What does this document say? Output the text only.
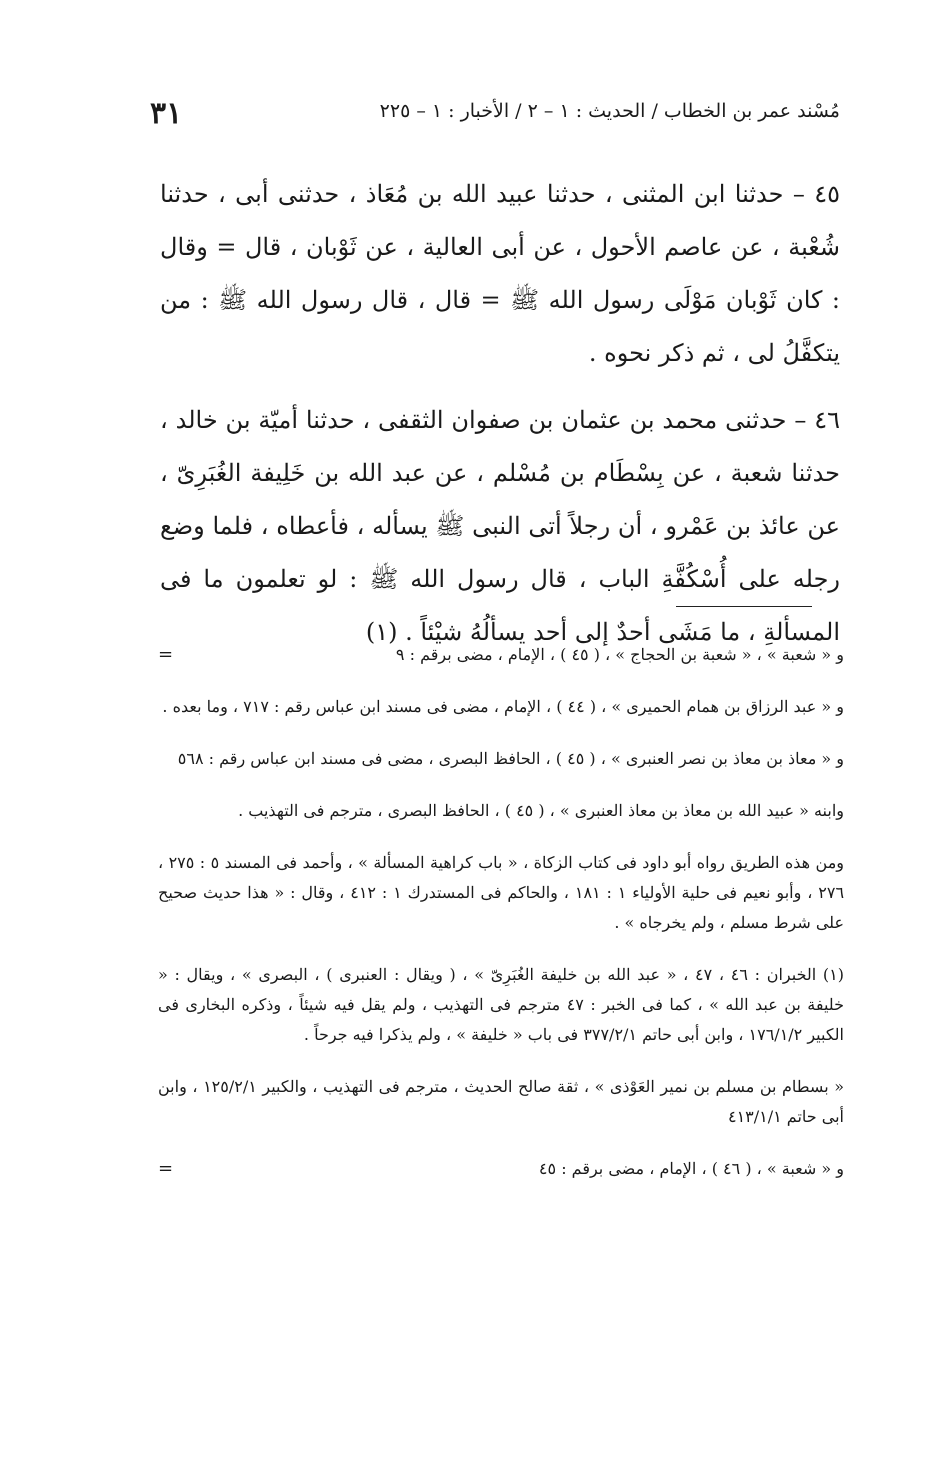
مُسْند عمر بن الخطاب / الحديث : ١ – ٢ / الأخبار : ١ – ٢٢٥
٣١

٤٥ – حدثنا ابن المثنى ، حدثنا عبيد الله بن مُعَاذ ، حدثنى أبى ، حدثنا شُعْبة ، عن عاصم الأحول ، عن أبى العالية ، عن ثَوْبان ، قال = وقال : كان ثَوْبان مَوْلَى رسول الله ﷺ = قال ، قال رسول الله ﷺ : من يتكفَّلُ لى ، ثم ذكر نحوه .

٤٦ – حدثنى محمد بن عثمان بن صفوان الثقفى ، حدثنا أميّة بن خالد ، حدثنا شعبة ، عن بِسْطَام بن مُسْلم ، عن عبد الله بن خَلِيفة الغُبَرِىّ ، عن عائذ بن عَمْرو ، أن رجلاً أتى النبى ﷺ يسأله ، فأعطاه ، فلما وضع رجله على أُسْكُفَّةِ الباب ، قال رسول الله ﷺ : لو تعلمون ما فى المسألةِ ، ما مَشَى أحدٌ إلى أحد يسألُهُ شيْئاً . (١)

=	و « شعبة » ، « شعبة بن الحجاج » ، ( ٤٥ ) ، الإمام ، مضى برقم : ٩
و « عبد الرزاق بن همام الحميرى » ، ( ٤٤ ) ، الإمام ، مضى فى مسند ابن عباس رقم : ٧١٧ ، وما بعده .
و « معاذ بن معاذ بن نصر العنبرى » ، ( ٤٥ ) ، الحافظ البصرى ، مضى فى مسند ابن عباس رقم : ٥٦٨
وابنه « عبيد الله بن معاذ بن معاذ العنبرى » ، ( ٤٥ ) ، الحافظ البصرى ، مترجم فى التهذيب .
ومن هذه الطريق رواه أبو داود فى كتاب الزكاة ، « باب كراهية المسألة » ، وأحمد فى المسند ٥ : ٢٧٥ ، ٢٧٦ ، وأبو نعيم فى حلية الأولياء ١ : ١٨١ ، والحاكم فى المستدرك ١ : ٤١٢ ، وقال : « هذا حديث صحيح على شرط مسلم ، ولم يخرجاه » .
(١) الخبران : ٤٦ ، ٤٧ ، « عبد الله بن خليفة الغُبَرِىّ » ، ( ويقال : العنبرى ) ، البصرى » ، ويقال : « خليفة بن عبد الله » ، كما فى الخبر : ٤٧ مترجم فى التهذيب ، ولم يقل فيه شيئاً ، وذكره البخارى فى الكبير ١٧٦/١/٢ ، وابن أبى حاتم ٣٧٧/٢/١ فى باب « خليفة » ، ولم يذكرا فيه جرحاً .
« بسطام بن مسلم بن نمير العَوْذى » ، ثقة صالح الحديث ، مترجم فى التهذيب ، والكبير ١٢٥/٢/١ ، وابن أبى حاتم ٤١٣/١/١
=	و « شعبة » ، ( ٤٦ ) ، الإمام ، مضى برقم : ٤٥
